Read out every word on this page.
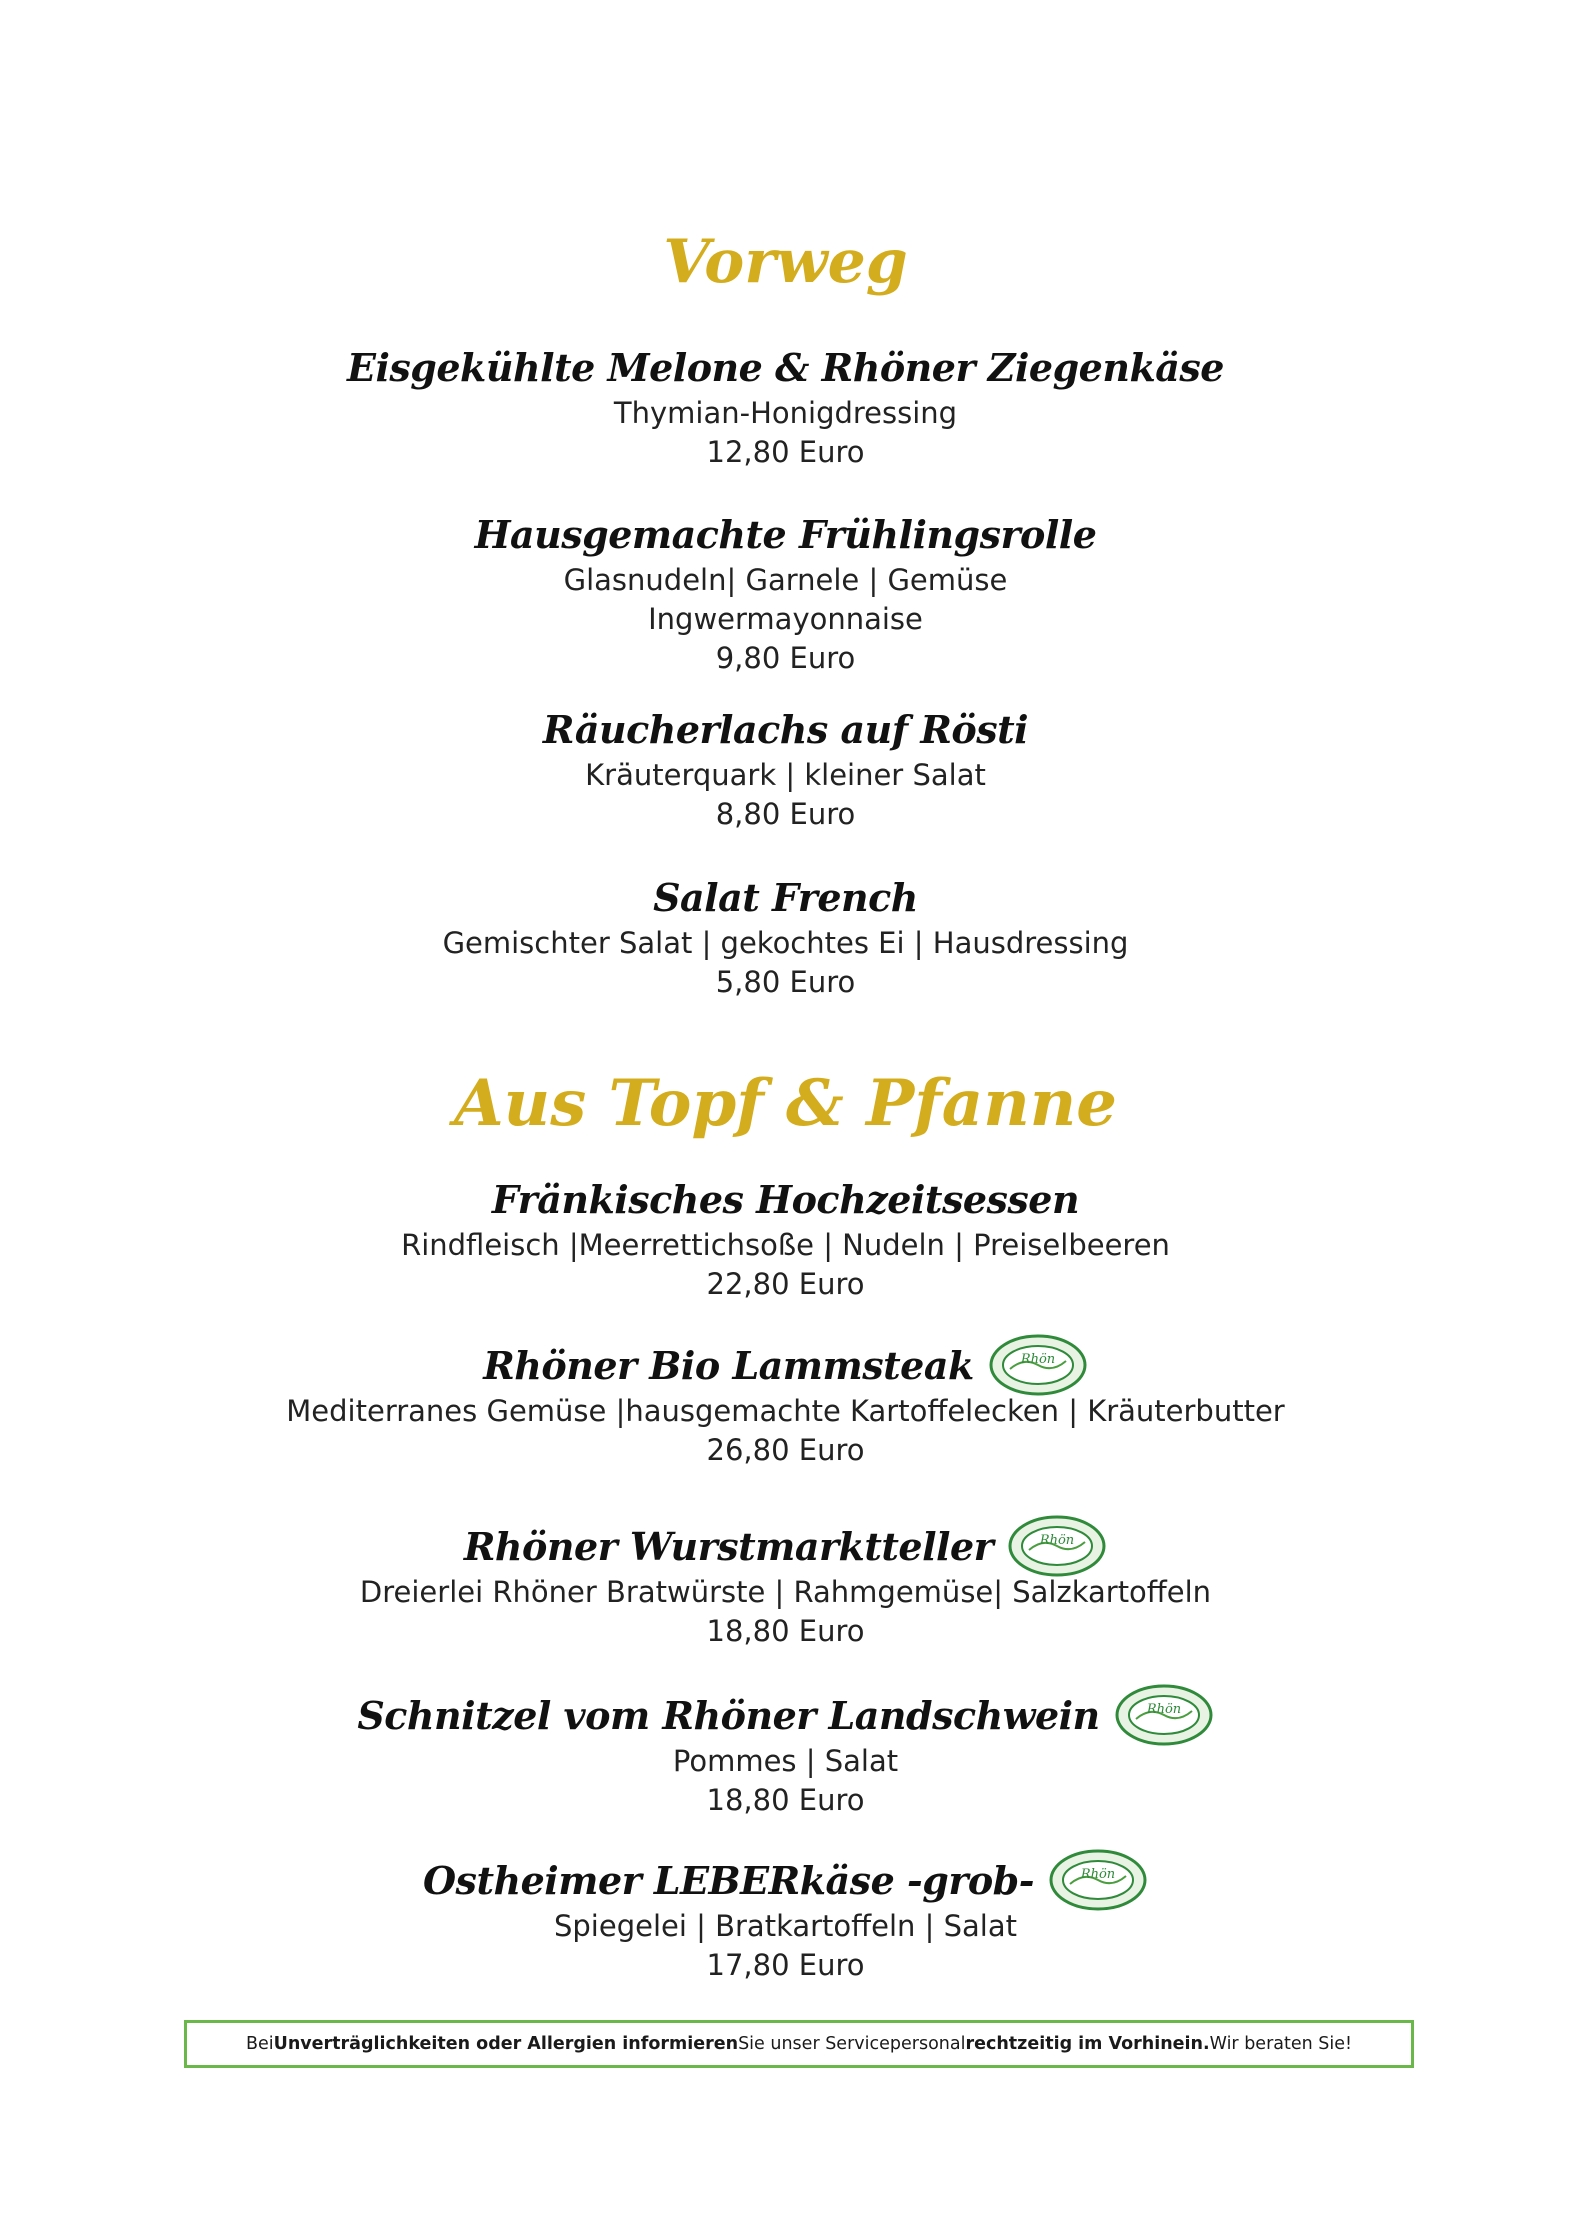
Vorweg
Eisgekühlte Melone & Rhöner Ziegenkäse
Thymian-Honigdressing
12,80 Euro
Hausgemachte Frühlingsrolle
Glasnudeln| Garnele | Gemüse
Ingwermayonnaise
9,80 Euro
Räucherlachs auf Rösti
Kräuterquark | kleiner Salat
8,80 Euro
Salat French
Gemischter Salat | gekochtes Ei | Hausdressing
5,80 Euro
Aus Topf & Pfanne
Fränkisches Hochzeitsessen
Rindfleisch |Meerrettichsoße | Nudeln | Preiselbeeren
22,80 Euro
Rhöner Bio Lammsteak	Rhön
Mediterranes Gemüse |hausgemachte Kartoffelecken | Kräuterbutter
26,80 Euro
Rhöner Wurstmarktteller	Rhön
Dreierlei Rhöner Bratwürste | Rahmgemüse| Salzkartoffeln
18,80 Euro
Schnitzel vom Rhöner Landschwein	Rhön
Pommes | Salat
18,80 Euro
Ostheimer LEBERkäse -grob-	Rhön
Spiegelei | Bratkartoffeln | Salat
17,80 Euro
Bei Unverträglichkeiten oder Allergien informieren Sie unser Servicepersonal rechtzeitig im Vorhinein. Wir beraten Sie!
